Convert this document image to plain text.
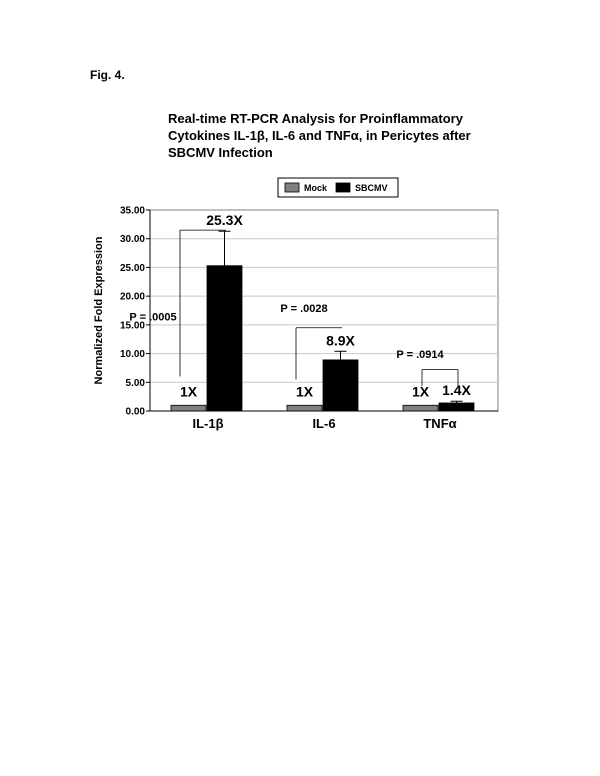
Fig. 4.
Real-time RT-PCR Analysis for Proinflammatory
Cytokines IL-1β, IL-6 and TNFα, in Pericytes after
SBCMV Infection
0.00
5.00
10.00
15.00
20.00
25.00
30.00
35.00
Normalized Fold Expression
1X
25.3X
IL-1β
1X
8.9X
IL-6
1X 1.4X
TNFα
P = .0005
P = .0028
P = .0914
Mock	SBCMV
